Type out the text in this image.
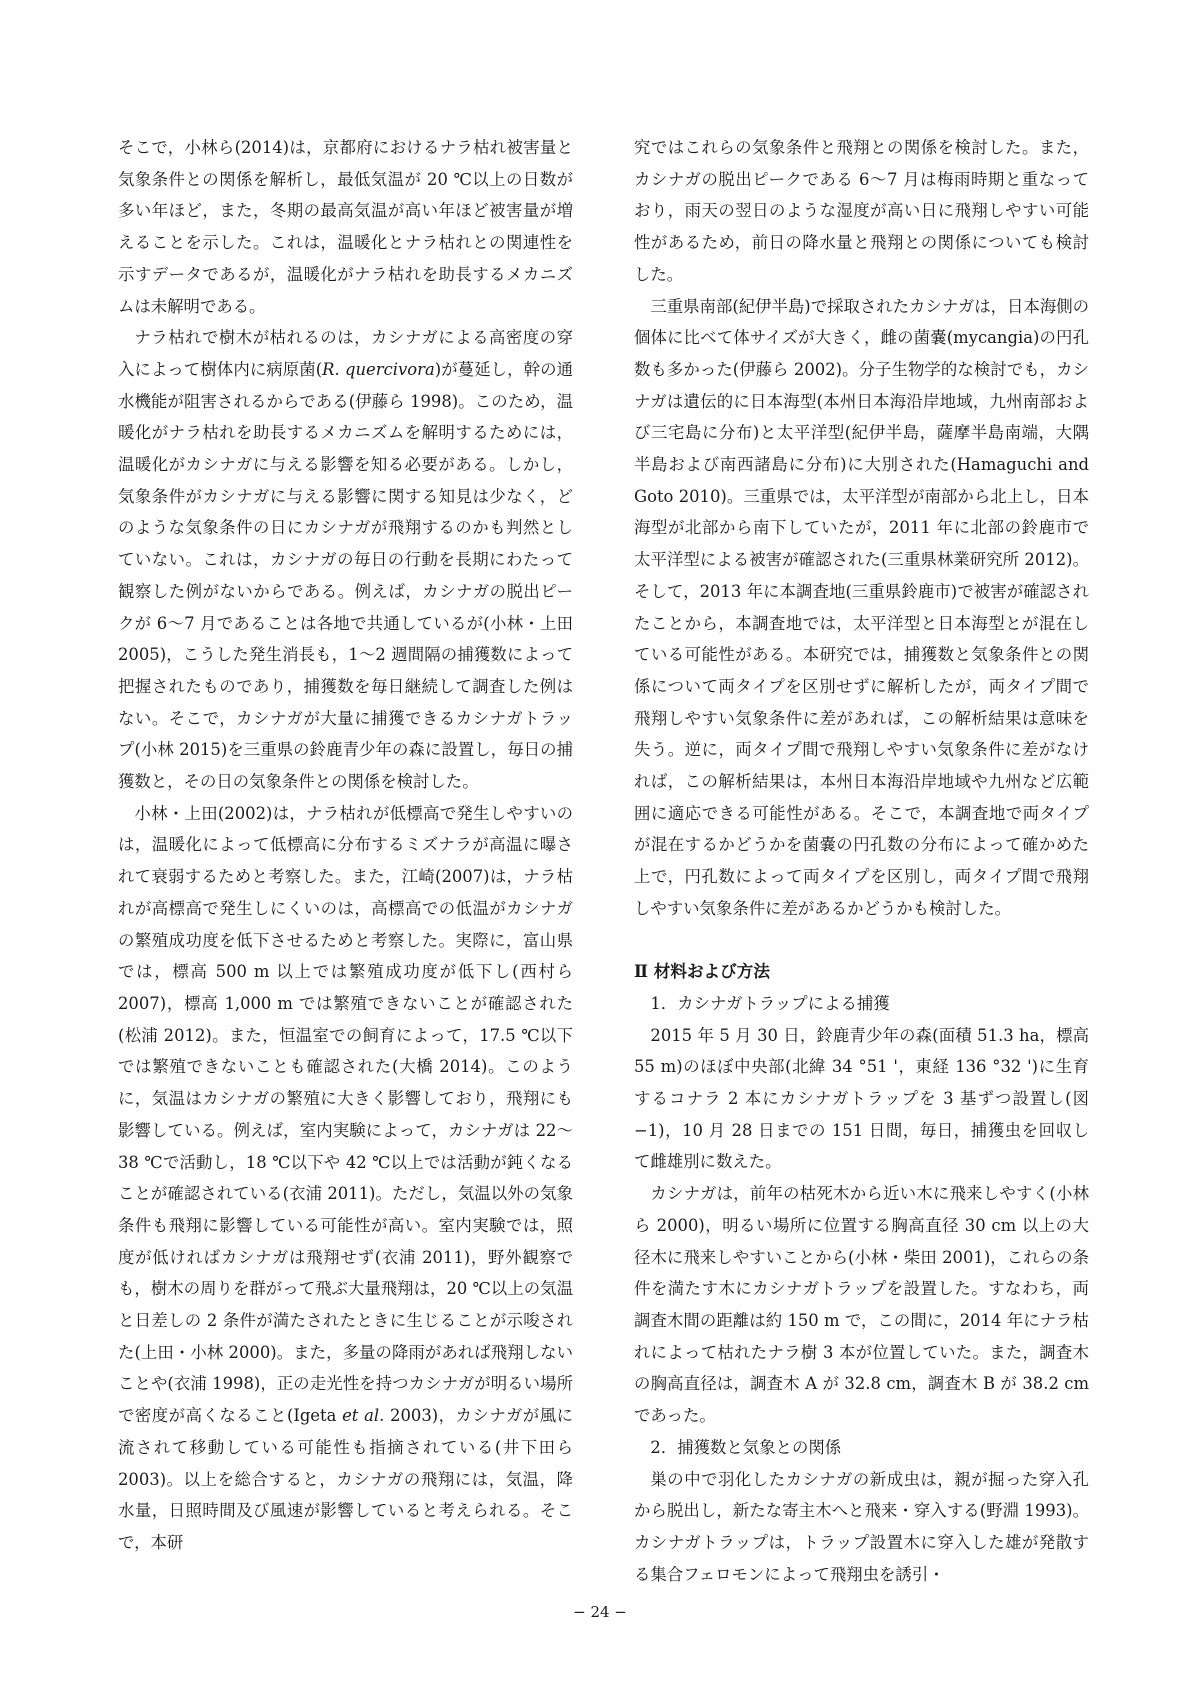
そこで，小林ら(2014)は，京都府におけるナラ枯れ被害量と気象条件との関係を解析し，最低気温が 20 ℃以上の日数が多い年ほど，また，冬期の最高気温が高い年ほど被害量が増えることを示した。これは，温暖化とナラ枯れとの関連性を示すデータであるが，温暖化がナラ枯れを助長するメカニズムは未解明である。

ナラ枯れで樹木が枯れるのは，カシナガによる高密度の穿入によって樹体内に病原菌(R. quercivora)が蔓延し，幹の通水機能が阻害されるからである(伊藤ら 1998)。このため，温暖化がナラ枯れを助長するメカニズムを解明するためには，温暖化がカシナガに与える影響を知る必要がある。しかし，気象条件がカシナガに与える影響に関する知見は少なく，どのような気象条件の日にカシナガが飛翔するのかも判然としていない。これは，カシナガの毎日の行動を長期にわたって観察した例がないからである。例えば，カシナガの脱出ピークが 6〜7 月であることは各地で共通しているが(小林・上田 2005)，こうした発生消長も，1〜2 週間隔の捕獲数によって把握されたものであり，捕獲数を毎日継続して調査した例はない。そこで，カシナガが大量に捕獲できるカシナガトラップ(小林 2015)を三重県の鈴鹿青少年の森に設置し，毎日の捕獲数と，その日の気象条件との関係を検討した。

小林・上田(2002)は，ナラ枯れが低標高で発生しやすいのは，温暖化によって低標高に分布するミズナラが高温に曝されて衰弱するためと考察した。また，江崎(2007)は，ナラ枯れが高標高で発生しにくいのは，高標高での低温がカシナガの繁殖成功度を低下させるためと考察した。実際に，富山県では，標高 500 m 以上では繁殖成功度が低下し(西村ら 2007)，標高 1,000 m では繁殖できないことが確認された(松浦 2012)。また，恒温室での飼育によって，17.5 ℃以下では繁殖できないことも確認された(大橋 2014)。このように，気温はカシナガの繁殖に大きく影響しており，飛翔にも影響している。例えば，室内実験によって，カシナガは 22〜38 ℃で活動し，18 ℃以下や 42 ℃以上では活動が鈍くなることが確認されている(衣浦 2011)。ただし，気温以外の気象条件も飛翔に影響している可能性が高い。室内実験では，照度が低ければカシナガは飛翔せず(衣浦 2011)，野外観察でも，樹木の周りを群がって飛ぶ大量飛翔は，20 ℃以上の気温と日差しの 2 条件が満たされたときに生じることが示唆された(上田・小林 2000)。また，多量の降雨があれば飛翔しないことや(衣浦 1998)，正の走光性を持つカシナガが明るい場所で密度が高くなること(Igeta et al. 2003)，カシナガが風に流されて移動している可能性も指摘されている(井下田ら 2003)。以上を総合すると，カシナガの飛翔には，気温，降水量，日照時間及び風速が影響していると考えられる。そこで，本研

究ではこれらの気象条件と飛翔との関係を検討した。また，カシナガの脱出ピークである 6〜7 月は梅雨時期と重なっており，雨天の翌日のような湿度が高い日に飛翔しやすい可能性があるため，前日の降水量と飛翔との関係についても検討した。

三重県南部(紀伊半島)で採取されたカシナガは，日本海側の個体に比べて体サイズが大きく，雌の菌嚢(mycangia)の円孔数も多かった(伊藤ら 2002)。分子生物学的な検討でも，カシナガは遺伝的に日本海型(本州日本海沿岸地域，九州南部および三宅島に分布)と太平洋型(紀伊半島，薩摩半島南端，大隅半島および南西諸島に分布)に大別された(Hamaguchi and Goto 2010)。三重県では，太平洋型が南部から北上し，日本海型が北部から南下していたが，2011 年に北部の鈴鹿市で太平洋型による被害が確認された(三重県林業研究所 2012)。そして，2013 年に本調査地(三重県鈴鹿市)で被害が確認されたことから，本調査地では，太平洋型と日本海型とが混在している可能性がある。本研究では，捕獲数と気象条件との関係について両タイプを区別せずに解析したが，両タイプ間で飛翔しやすい気象条件に差があれば，この解析結果は意味を失う。逆に，両タイプ間で飛翔しやすい気象条件に差がなければ，この解析結果は，本州日本海沿岸地域や九州など広範囲に適応できる可能性がある。そこで，本調査地で両タイプが混在するかどうかを菌嚢の円孔数の分布によって確かめた上で，円孔数によって両タイプを区別し，両タイプ間で飛翔しやすい気象条件に差があるかどうかも検討した。

Ⅱ 材料および方法

1．カシナガトラップによる捕獲

2015 年 5 月 30 日，鈴鹿青少年の森(面積 51.3 ha，標高 55 m)のほぼ中央部(北緯 34 °51 '，東経 136 °32 ')に生育するコナラ 2 本にカシナガトラップを 3 基ずつ設置し(図−1)，10 月 28 日までの 151 日間，毎日，捕獲虫を回収して雌雄別に数えた。

カシナガは，前年の枯死木から近い木に飛来しやすく(小林ら 2000)，明るい場所に位置する胸高直径 30 cm 以上の大径木に飛来しやすいことから(小林・柴田 2001)，これらの条件を満たす木にカシナガトラップを設置した。すなわち，両調査木間の距離は約 150 m で，この間に，2014 年にナラ枯れによって枯れたナラ樹 3 本が位置していた。また，調査木の胸高直径は，調査木 A が 32.8 cm，調査木 B が 38.2 cm であった。

2．捕獲数と気象との関係

巣の中で羽化したカシナガの新成虫は，親が掘った穿入孔から脱出し，新たな寄主木へと飛来・穿入する(野淵 1993)。カシナガトラップは，トラップ設置木に穿入した雄が発散する集合フェロモンによって飛翔虫を誘引・

− 24 −
